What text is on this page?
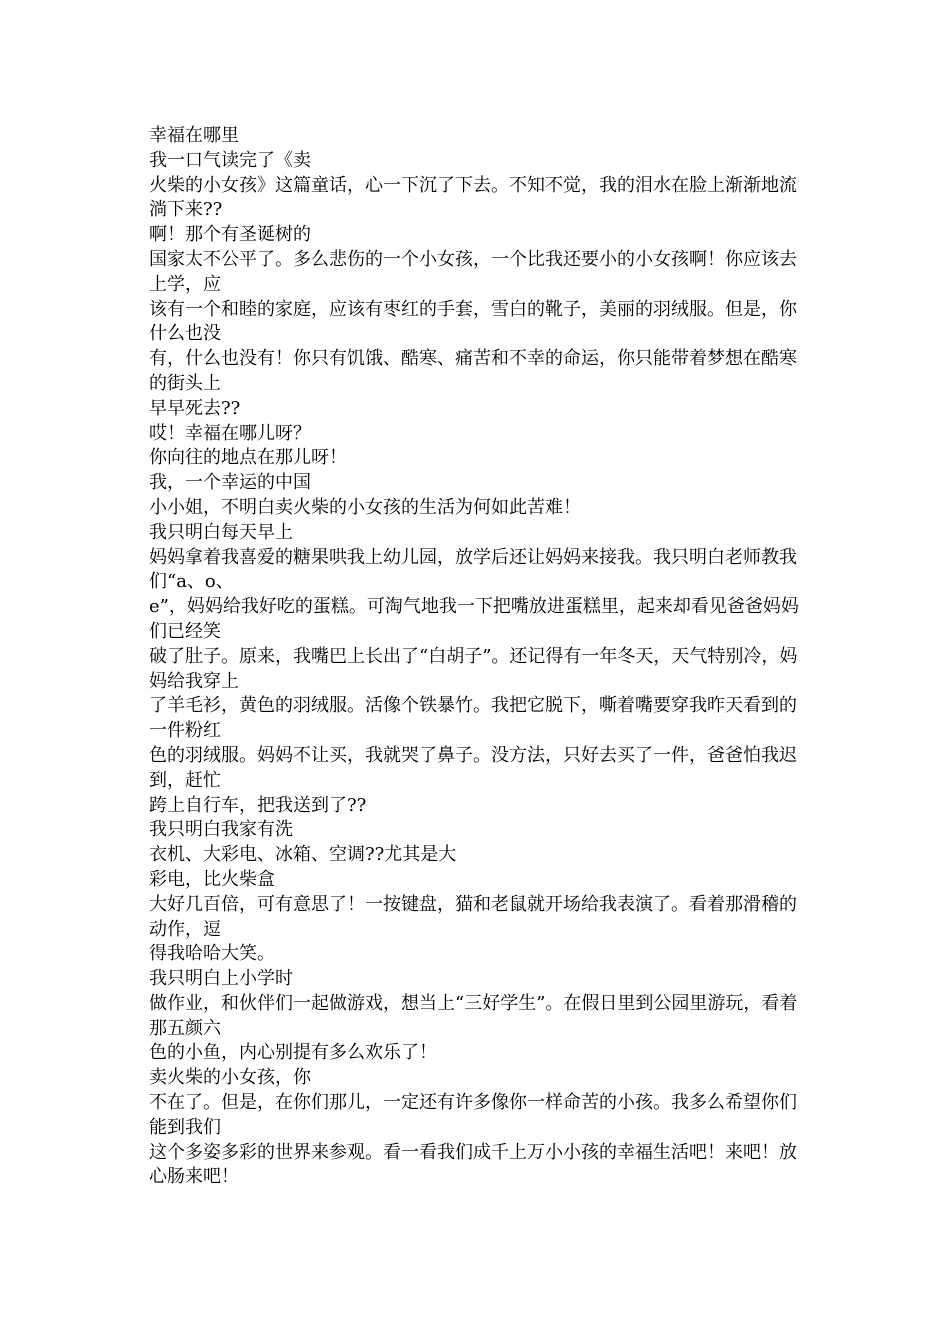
幸福在哪里

我一口气读完了《卖

火柴的小女孩》这篇童话，心一下沉了下去。不知不觉，我的泪水在脸上渐渐地流淌下来??

啊！那个有圣诞树的

国家太不公平了。多么悲伤的一个小女孩，一个比我还要小的小女孩啊！你应该去上学，应

该有一个和睦的家庭，应该有枣红的手套，雪白的靴子，美丽的羽绒服。但是，你什么也没

有，什么也没有！你只有饥饿、酷寒、痛苦和不幸的命运，你只能带着梦想在酷寒的街头上

早早死去??

哎！幸福在哪儿呀？

你向往的地点在那儿呀！

我，一个幸运的中国

小小姐，不明白卖火柴的小女孩的生活为何如此苦难！

我只明白每天早上

妈妈拿着我喜爱的糖果哄我上幼儿园，放学后还让妈妈来接我。我只明白老师教我们“a、o、

e”，妈妈给我好吃的蛋糕。可淘气地我一下把嘴放进蛋糕里，起来却看见爸爸妈妈们已经笑

破了肚子。原来，我嘴巴上长出了“白胡子”。还记得有一年冬天，天气特别冷，妈妈给我穿上

了羊毛衫，黄色的羽绒服。活像个铁暴竹。我把它脱下，嘶着嘴要穿我昨天看到的一件粉红

色的羽绒服。妈妈不让买，我就哭了鼻子。没方法，只好去买了一件，爸爸怕我迟到，赶忙

跨上自行车，把我送到了??

我只明白我家有洗

衣机、大彩电、冰箱、空调??尤其是大

彩电，比火柴盒

大好几百倍，可有意思了！一按键盘，猫和老鼠就开场给我表演了。看着那滑稽的动作，逗

得我哈哈大笑。

我只明白上小学时

做作业，和伙伴们一起做游戏，想当上“三好学生”。在假日里到公园里游玩，看着那五颜六

色的小鱼，内心别提有多么欢乐了！

卖火柴的小女孩，你

不在了。但是，在你们那儿，一定还有许多像你一样命苦的小孩。我多么希望你们能到我们

这个多姿多彩的世界来参观。看一看我们成千上万小小孩的幸福生活吧！来吧！放心肠来吧！
